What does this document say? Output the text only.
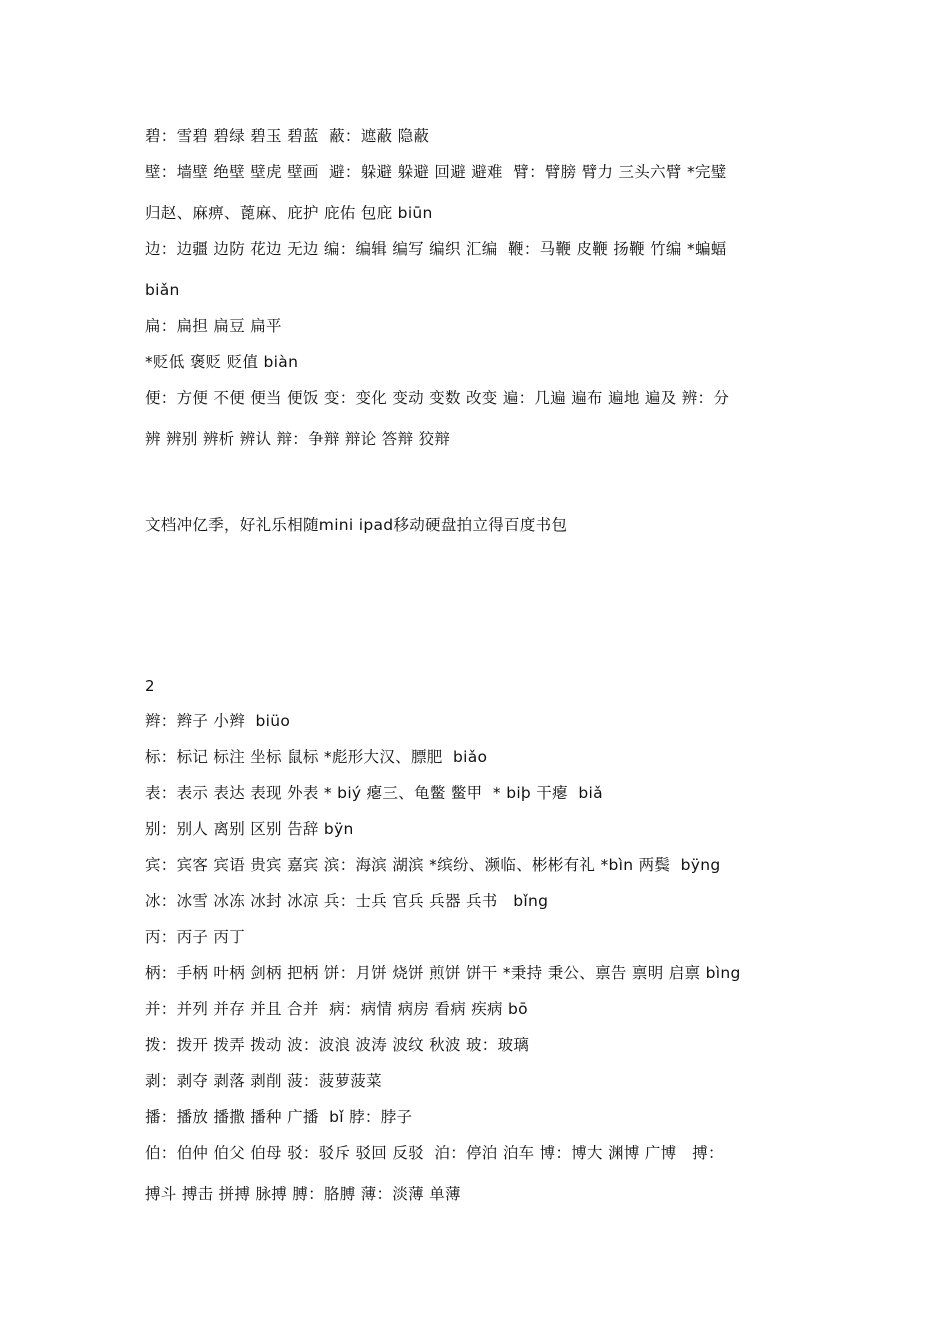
碧：雪碧 碧绿 碧玉 碧蓝  蔽：遮蔽 隐蔽
壁：墙壁 绝壁 壁虎 壁画  避：躲避 躲避 回避 避难  臂：臂膀 臂力 三头六臂 *完璧
归赵、麻痹、蓖麻、庇护 庇佑 包庇 biūn
边：边疆 边防 花边 无边 编：编辑 编写 编织 汇编  鞭：马鞭 皮鞭 扬鞭 竹编 *蝙蝠
biǎn
扁：扁担 扁豆 扁平
*贬低 褒贬 贬值 biàn
便：方便 不便 便当 便饭 变：变化 变动 变数 改变 遍：几遍 遍布 遍地 遍及 辨：分
辨 辨别 辨析 辨认 辩：争辩 辩论 答辩 狡辩
文档冲亿季，好礼乐相随mini ipad移动硬盘拍立得百度书包
2
辫：辫子 小辫  biüo
标：标记 标注 坐标 鼠标 *彪形大汉、膘肥  biǎo
表：表示 表达 表现 外表 * biý 瘪三、龟鳖 鳖甲  * biþ 干瘪  biǎ
别：别人 离别 区别 告辞 bÿn
宾：宾客 宾语 贵宾 嘉宾 滨：海滨 湖滨 *缤纷、濒临、彬彬有礼 *bìn 两鬓  bÿng
冰：冰雪 冰冻 冰封 冰凉 兵：士兵 官兵 兵器 兵书   bǐng
丙：丙子 丙丁
柄：手柄 叶柄 剑柄 把柄 饼：月饼 烧饼 煎饼 饼干 *秉持 秉公、禀告 禀明 启禀 bìng
并：并列 并存 并且 合并  病：病情 病房 看病 疾病 bō
拨：拨开 拨弄 拨动 波：波浪 波涛 波纹 秋波 玻：玻璃
剥：剥夺 剥落 剥削 菠：菠萝菠菜
播：播放 播撒 播种 广播  bǐ 脖：脖子
伯：伯仲 伯父 伯母 驳：驳斥 驳回 反驳  泊：停泊 泊车 博：博大 渊博 广博   搏：
搏斗 搏击 拼搏 脉搏 膊：胳膊 薄：淡薄 单薄
